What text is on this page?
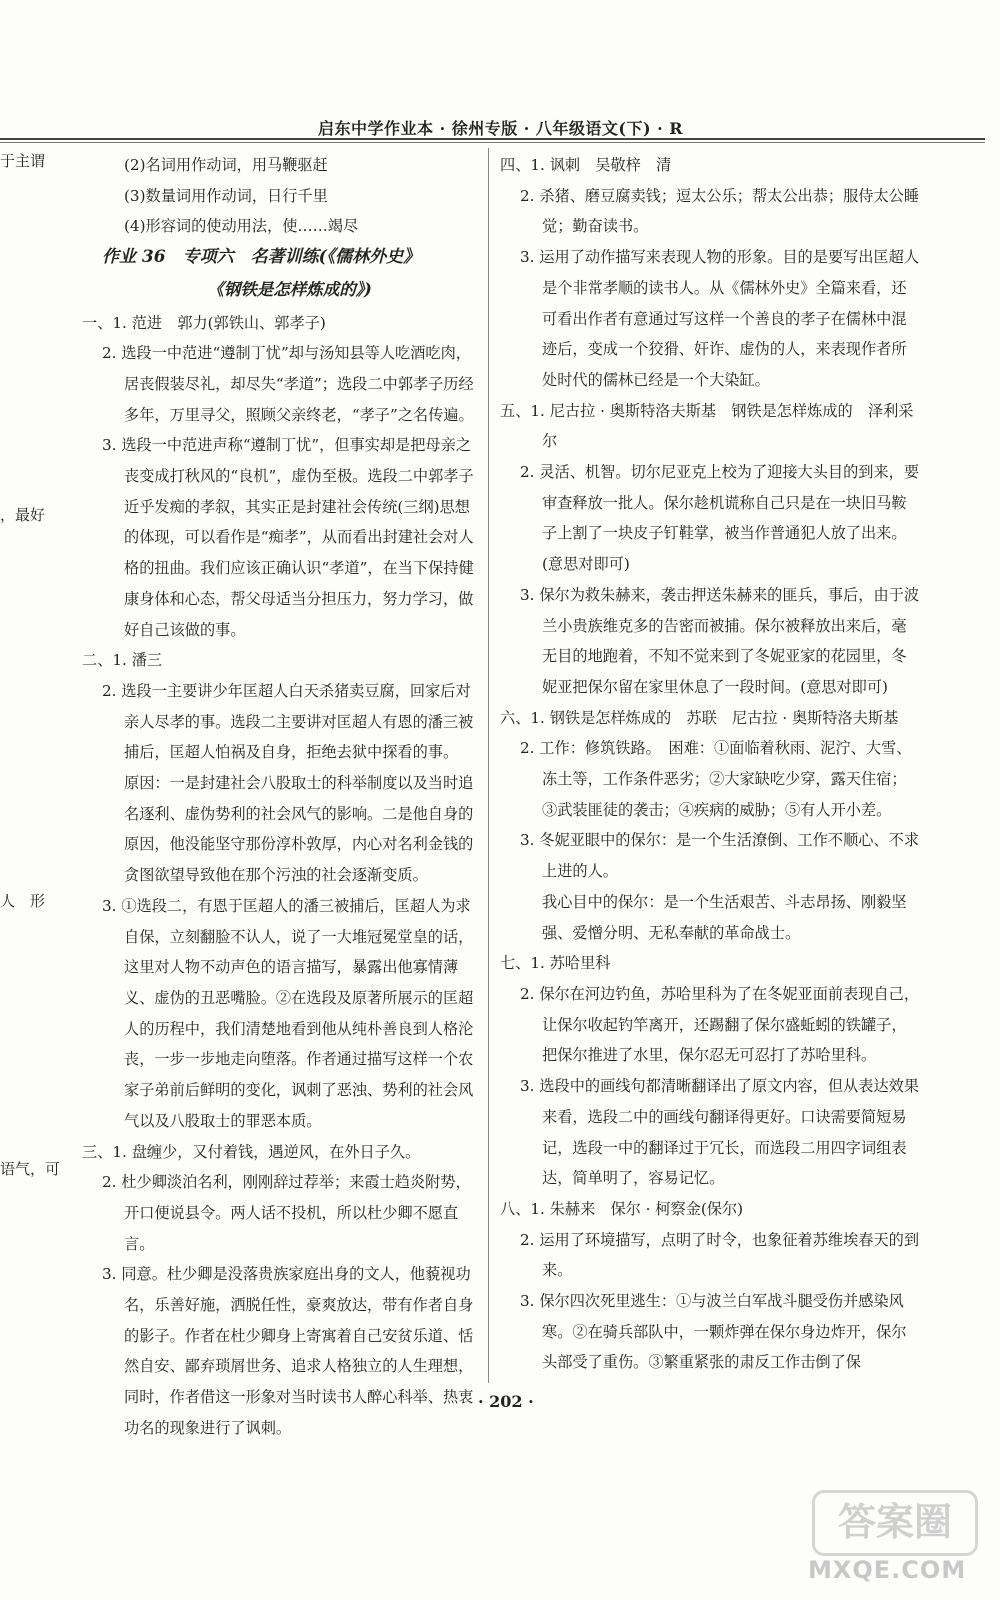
启东中学作业本 · 徐州专版 · 八年级语文(下) · R
于主谓
，最好
人　形
语气，可

(2)名词用作动词，用马鞭驱赶

(3)数量词用作动词，日行千里

(4)形容词的使动用法，使……竭尽

作业 36　专项六　名著训练(《儒林外史》

《钢铁是怎样炼成的》)

一、1. 范进　郭力(郭铁山、郭孝子)

2. 选段一中范进“遵制丁忧”却与汤知县等人吃酒吃肉，居丧假装尽礼，却尽失“孝道”；选段二中郭孝子历经多年，万里寻父，照顾父亲终老，“孝子”之名传遍。

3. 选段一中范进声称“遵制丁忧”，但事实却是把母亲之丧变成打秋风的“良机”，虚伪至极。选段二中郭孝子近乎发痴的孝叙，其实正是封建社会传统(三纲)思想的体现，可以看作是“痴孝”，从而看出封建社会对人格的扭曲。我们应该正确认识“孝道”，在当下保持健康身体和心态，帮父母适当分担压力，努力学习，做好自己该做的事。

二、1. 潘三

2. 选段一主要讲少年匡超人白天杀猪卖豆腐，回家后对亲人尽孝的事。选段二主要讲对匡超人有恩的潘三被捕后，匡超人怕祸及自身，拒绝去狱中探看的事。

原因：一是封建社会八股取士的科举制度以及当时追名逐利、虚伪势利的社会风气的影响。二是他自身的原因，他没能坚守那份淳朴敦厚，内心对名利金钱的贪图欲望导致他在那个污浊的社会逐渐变质。

3. ①选段二，有恩于匡超人的潘三被捕后，匡超人为求自保，立刻翻脸不认人，说了一大堆冠冕堂皇的话，这里对人物不动声色的语言描写，暴露出他寡情薄义、虚伪的丑恶嘴脸。②在选段及原著所展示的匡超人的历程中，我们清楚地看到他从纯朴善良到人格沦丧，一步一步地走向堕落。作者通过描写这样一个农家子弟前后鲜明的变化，讽刺了恶浊、势利的社会风气以及八股取士的罪恶本质。

三、1. 盘缠少，又付着钱，遇逆风，在外日子久。

2. 杜少卿淡泊名利，刚刚辞过荐举；来霞士趋炎附势，开口便说县令。两人话不投机，所以杜少卿不愿直言。

3. 同意。杜少卿是没落贵族家庭出身的文人，他藐视功名，乐善好施，洒脱任性，豪爽放达，带有作者自身的影子。作者在杜少卿身上寄寓着自己安贫乐道、恬然自安、鄙弃琐屑世务、追求人格独立的人生理想，同时，作者借这一形象对当时读书人醉心科举、热衷功名的现象进行了讽刺。

四、1. 讽刺　吴敬梓　清

2. 杀猪、磨豆腐卖钱；逗太公乐；帮太公出恭；服侍太公睡觉；勤奋读书。

3. 运用了动作描写来表现人物的形象。目的是要写出匡超人是个非常孝顺的读书人。从《儒林外史》全篇来看，还可看出作者有意通过写这样一个善良的孝子在儒林中混迹后，变成一个狡猾、奸诈、虚伪的人，来表现作者所处时代的儒林已经是一个大染缸。

五、1. 尼古拉 · 奥斯特洛夫斯基　钢铁是怎样炼成的　泽利采尔

2. 灵活、机智。切尔尼亚克上校为了迎接大头目的到来，要审查释放一批人。保尔趁机谎称自己只是在一块旧马鞍子上割了一块皮子钉鞋掌，被当作普通犯人放了出来。(意思对即可)

3. 保尔为救朱赫来，袭击押送朱赫来的匪兵，事后，由于波兰小贵族维克多的告密而被捕。保尔被释放出来后，毫无目的地跑着，不知不觉来到了冬妮亚家的花园里，冬妮亚把保尔留在家里休息了一段时间。(意思对即可)

六、1. 钢铁是怎样炼成的　苏联　尼古拉 · 奥斯特洛夫斯基

2. 工作：修筑铁路。　困难：①面临着秋雨、泥泞、大雪、冻土等，工作条件恶劣；②大家缺吃少穿，露天住宿；③武装匪徒的袭击；④疾病的威胁；⑤有人开小差。

3. 冬妮亚眼中的保尔：是一个生活潦倒、工作不顺心、不求上进的人。

我心目中的保尔：是一个生活艰苦、斗志昂扬、刚毅坚强、爱憎分明、无私奉献的革命战士。

七、1. 苏哈里科

2. 保尔在河边钓鱼，苏哈里科为了在冬妮亚面前表现自己，让保尔收起钓竿离开，还踢翻了保尔盛蚯蚓的铁罐子，把保尔推进了水里，保尔忍无可忍打了苏哈里科。

3. 选段中的画线句都清晰翻译出了原文内容，但从表达效果来看，选段二中的画线句翻译得更好。口诀需要简短易记，选段一中的翻译过于冗长，而选段二用四字词组表达，简单明了，容易记忆。

八、1. 朱赫来　保尔 · 柯察金(保尔)

2. 运用了环境描写，点明了时令，也象征着苏维埃春天的到来。

3. 保尔四次死里逃生：①与波兰白军战斗腿受伤并感染风寒。②在骑兵部队中，一颗炸弹在保尔身边炸开，保尔头部受了重伤。③繁重紧张的肃反工作击倒了保

· 202 ·
答案圈
MXQE.COM
